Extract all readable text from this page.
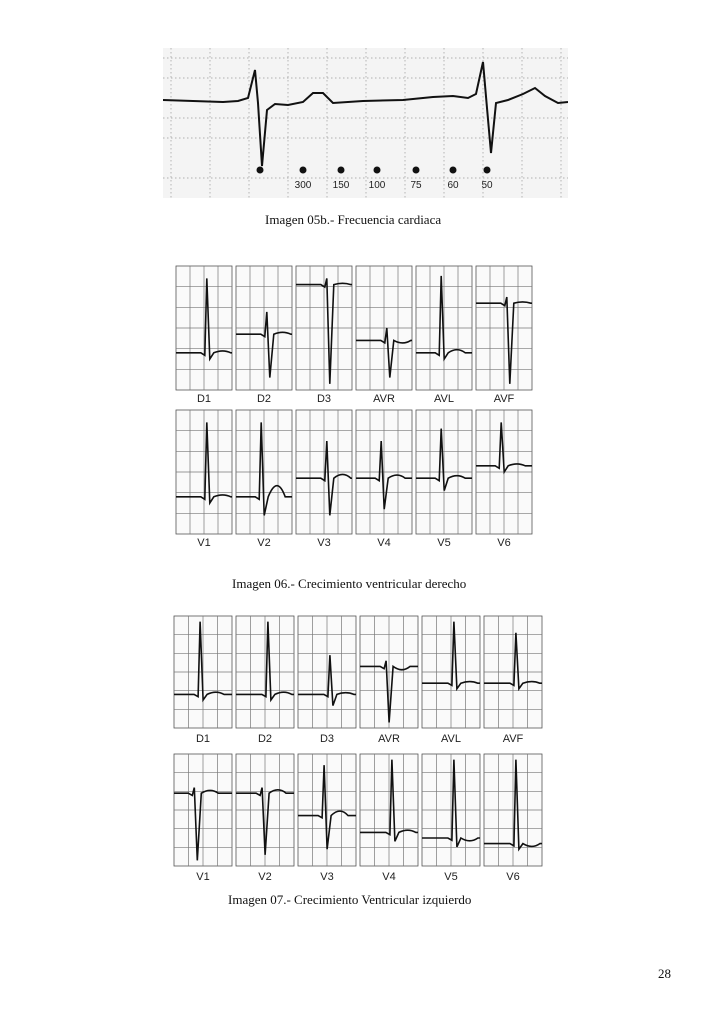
300 150 100	75	60 50
Imagen 05b.- Frecuencia cardiaca
D1	D2	D3	AVR	AVL	AVF
V1	V2	V3	V4	V5	V6
Imagen 06.- Crecimiento ventricular derecho
D1	D2	D3	AVR	AVL	AVF
V1	V2	V3	V4	V5	V6
Imagen 07.- Crecimiento Ventricular izquierdo
28
